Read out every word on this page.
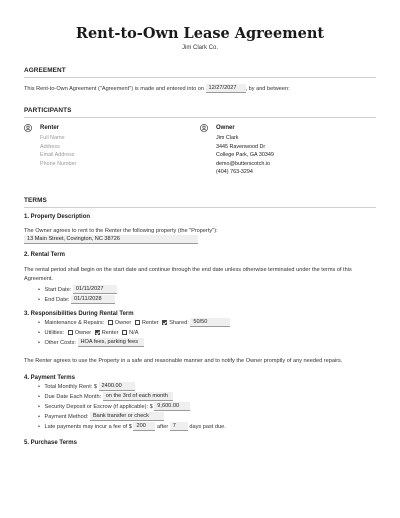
Rent-to-Own Lease Agreement
Jim Clark Co.
AGREEMENT
This Rent-to-Own Agreement ("Agreement") is made and entered into on 12/27/2027 , by and between:
PARTICIPANTS
Renter
Full Name
Address
Email Address
Phone Number
Owner
Jim Clark
3445 Ravenwood Dr
College Park, GA 30349
demo@butterscotch.io
(404) 763-3294
TERMS
1. Property Description
The Owner agrees to rent to the Renter the following property (the "Property"):
13 Main Street, Covington, NC 38726
2. Rental Term
The rental period shall begin on the start date and continue through the end date unless otherwise terminated under the terms of this Agreement.
• Start Date: 01/11/2027
• End Date: 01/11/2028
3. Responsibilities During Rental Term
• Maintenance & Repairs: Owner Renter Shared: 50/50
• Utilities: Owner Renter N/A
• Other Costs: HOA fees, parking fees
The Renter agrees to use the Property in a safe and reasonable manner and to notify the Owner promptly of any needed repairs.
4. Payment Terms
• Total Monthly Rent: $ 2400.00
• Due Date Each Month: on the 3rd of each month
• Security Deposit or Escrow (if applicable): $ 9,600.00
• Payment Method: Bank transfer or check
• Late payments may incur a fee of $ 200 after 7 days past due.
5. Purchase Terms
